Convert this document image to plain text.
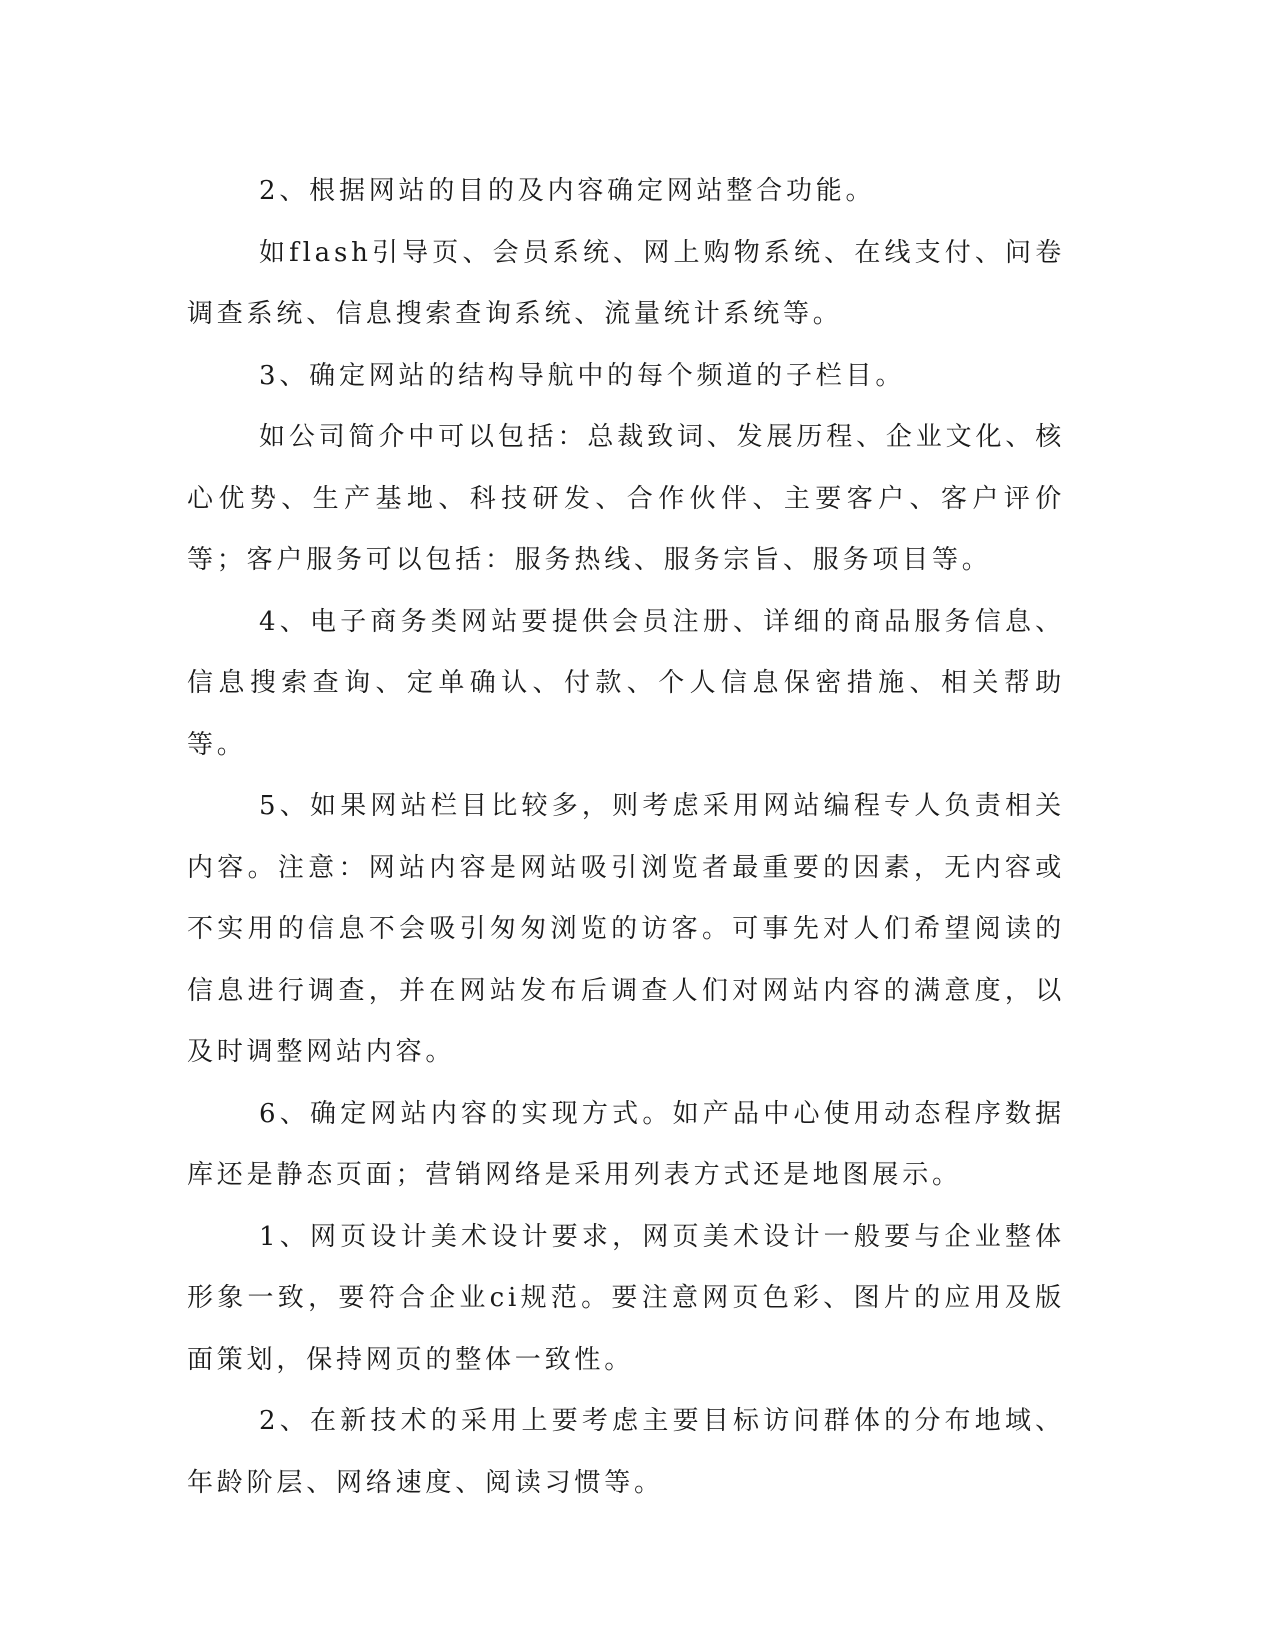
2、根据网站的目的及内容确定网站整合功能。

如flash引导页、会员系统、网上购物系统、在线支付、问卷调查系统、信息搜索查询系统、流量统计系统等。

3、确定网站的结构导航中的每个频道的子栏目。

如公司简介中可以包括：总裁致词、发展历程、企业文化、核心优势、生产基地、科技研发、合作伙伴、主要客户、客户评价等；客户服务可以包括：服务热线、服务宗旨、服务项目等。

4、电子商务类网站要提供会员注册、详细的商品服务信息、信息搜索查询、定单确认、付款、个人信息保密措施、相关帮助等。

5、如果网站栏目比较多，则考虑采用网站编程专人负责相关内容。注意：网站内容是网站吸引浏览者最重要的因素，无内容或不实用的信息不会吸引匆匆浏览的访客。可事先对人们希望阅读的信息进行调查，并在网站发布后调查人们对网站内容的满意度，以及时调整网站内容。

6、确定网站内容的实现方式。如产品中心使用动态程序数据库还是静态页面；营销网络是采用列表方式还是地图展示。

1、网页设计美术设计要求，网页美术设计一般要与企业整体形象一致，要符合企业ci规范。要注意网页色彩、图片的应用及版面策划，保持网页的整体一致性。

2、在新技术的采用上要考虑主要目标访问群体的分布地域、年龄阶层、网络速度、阅读习惯等。
